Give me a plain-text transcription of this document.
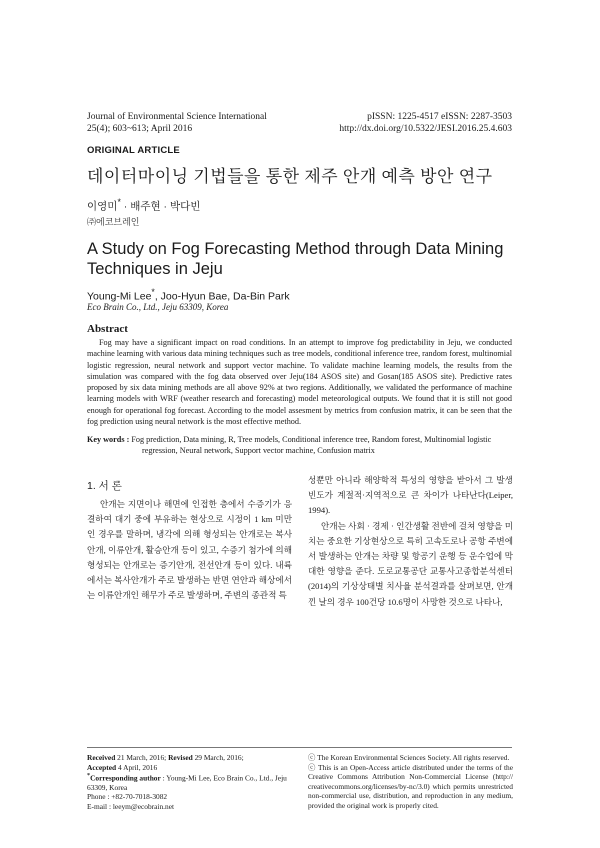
Journal of Environmental Science International
25(4); 603~613; April 2016
pISSN: 1225-4517 eISSN: 2287-3503
http://dx.doi.org/10.5322/JESI.2016.25.4.603
ORIGINAL ARTICLE
데이터마이닝 기법들을 통한 제주 안개 예측 방안 연구
이영미* · 배주현 · 박다빈
㈜에코브레인
A Study on Fog Forecasting Method through Data Mining Techniques in Jeju
Young-Mi Lee*, Joo-Hyun Bae, Da-Bin Park
Eco Brain Co., Ltd., Jeju 63309, Korea
Abstract
Fog may have a significant impact on road conditions. In an attempt to improve fog predictability in Jeju, we conducted machine learning with various data mining techniques such as tree models, conditional inference tree, random forest, multinomial logistic regression, neural network and support vector machine. To validate machine learning models, the results from the simulation was compared with the fog data observed over Jeju(184 ASOS site) and Gosan(185 ASOS site). Predictive rates proposed by six data mining methods are all above 92% at two regions. Additionally, we validated the performance of machine learning models with WRF (weather research and forecasting) model meteorological outputs. We found that it is still not good enough for operational fog forecast. According to the model assesment by metrics from confusion matrix, it can be seen that the fog prediction using neural network is the most effective method.
Key words : Fog prediction, Data mining, R, Tree models, Conditional inference tree, Random forest, Multinomial logistic
regression, Neural network, Support vector machine, Confusion matrix
1. 서 론

안개는 지면이나 해면에 인접한 층에서 수증기가 응결하여 대기 중에 부유하는 현상으로 시정이 1 km 미만인 경우를 말하며, 냉각에 의해 형성되는 안개로는 복사안개, 이류안개, 활승안개 등이 있고, 수증기 첨가에 의해 형성되는 안개로는 증기안개, 전선안개 등이 있다. 내륙에서는 복사안개가 주로 발생하는 반면 연안과 해상에서는 이류안개인 해무가 주로 발생하며, 주변의 종관적 특

성뿐만 아니라 해양학적 특성의 영향을 받아서 그 발생빈도가 계절적·지역적으로 큰 차이가 나타난다(Leiper, 1994).

안개는 사회 · 경제 · 인간생활 전반에 걸쳐 영향을 미치는 중요한 기상현상으로 특히 고속도로나 공항 주변에서 발생하는 안개는 차량 및 항공기 운행 등 운수업에 막대한 영향을 준다. 도로교통공단 교통사고종합분석센터(2014)의 기상상태별 치사율 분석결과를 살펴보면, 안개 낀 날의 경우 100건당 10.6명이 사망한 것으로 나타나,

Received 21 March, 2016; Revised 29 March, 2016;
Accepted 4 April, 2016
*Corresponding author : Young-Mi Lee, Eco Brain Co., Ltd., Jeju 63309, Korea
Phone : +82-70-7018-3082
E-mail : leeym@ecobrain.net
ⓒ The Korean Environmental Sciences Society. All rights reserved.
ⓒ This is an Open-Access article distributed under the terms of the Creative Commons Attribution Non-Commercial License (http:// creativecommons.org/licenses/by-nc/3.0) which permits unrestricted non-commercial use, distribution, and reproduction in any medium, provided the original work is properly cited.
